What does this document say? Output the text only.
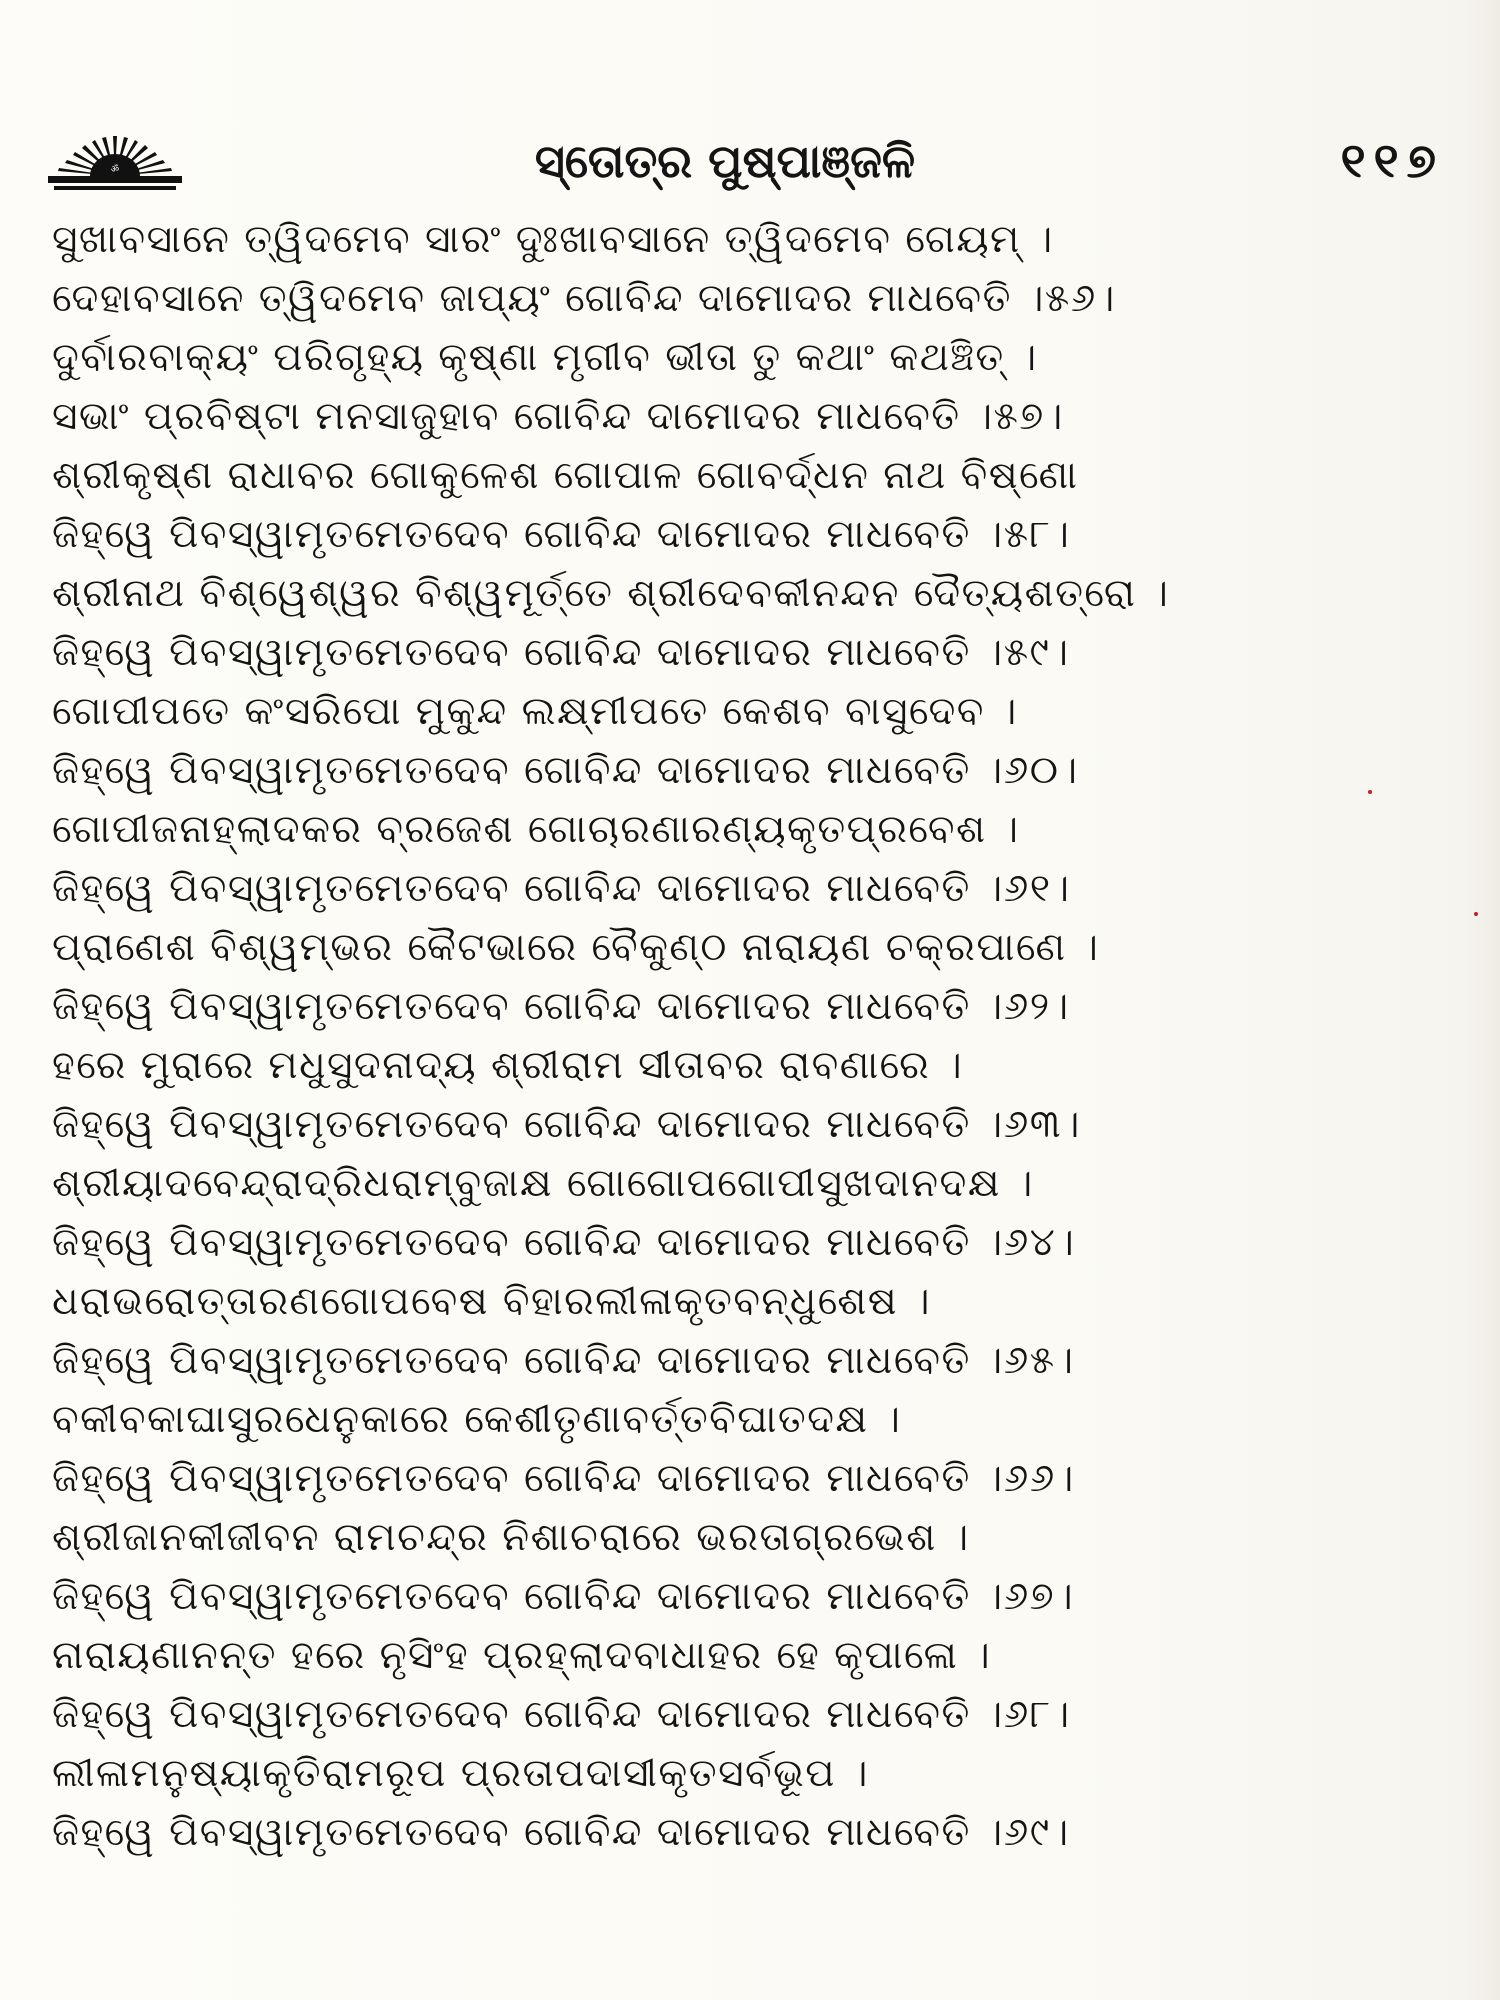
ॐ	ସ୍ତୋତ୍ର ପୁଷ୍ପାଞ୍ଜଳି	୧୧୭
ସୁଖାବସାନେ ତ୍ୱିଦମେବ ସାରଂ ଦୁଃଖାବସାନେ ତ୍ୱିଦମେବ ଗେୟମ୍ ।
ଦେହାବସାନେ ତ୍ୱିଦମେବ ଜାପ୍ୟଂ ଗୋବିନ୍ଦ ଦାମୋଦର ମାଧବେତି ।୫୬।
ଦୁର୍ବାରବାକ୍ୟଂ ପରିଗୃହ୍ୟ କୃଷ୍ଣା ମୃଗୀବ ଭୀତା ତୁ କଥାଂ କଥଞ୍ଚିତ୍ ।
ସଭାଂ ପ୍ରବିଷ୍ଟା ମନସାଜୁହାବ ଗୋବିନ୍ଦ ଦାମୋଦର ମାଧବେତି ।୫୭।
ଶ୍ରୀକୃଷ୍ଣ ରାଧାବର ଗୋକୁଳେଶ ଗୋପାଳ ଗୋବର୍ଦ୍ଧନ ନାଥ ବିଷ୍ଣୋ
ଜିହ୍ୱେ ପିବସ୍ୱାମୃତମେତଦେବ ଗୋବିନ୍ଦ ଦାମୋଦର ମାଧବେତି ।୫୮।
ଶ୍ରୀନାଥ ବିଶ୍ୱେଶ୍ୱର ବିଶ୍ୱମୂର୍ତ୍ତେ ଶ୍ରୀଦେବକୀନନ୍ଦନ ଦୈତ୍ୟଶତ୍ରୋ ।
ଜିହ୍ୱେ ପିବସ୍ୱାମୃତମେତଦେବ ଗୋବିନ୍ଦ ଦାମୋଦର ମାଧବେତି ।୫୯।
ଗୋପୀପତେ କଂସରିପୋ ମୁକୁନ୍ଦ ଲକ୍ଷ୍ମୀପତେ କେଶବ ବାସୁଦେବ ।
ଜିହ୍ୱେ ପିବସ୍ୱାମୃତମେତଦେବ ଗୋବିନ୍ଦ ଦାମୋଦର ମାଧବେତି ।୬୦।
ଗୋପୀଜନାହ୍ଲାଦକର ବ୍ରଜେଶ ଗୋଚାରଣାରଣ୍ୟକୃତପ୍ରବେଶ ।
ଜିହ୍ୱେ ପିବସ୍ୱାମୃତମେତଦେବ ଗୋବିନ୍ଦ ଦାମୋଦର ମାଧବେତି ।୬୧।
ପ୍ରାଣେଶ ବିଶ୍ୱମ୍ଭର କୈଟଭାରେ ବୈକୁଣ୍ଠ ନାରାୟଣ ଚକ୍ରପାଣେ ।
ଜିହ୍ୱେ ପିବସ୍ୱାମୃତମେତଦେବ ଗୋବିନ୍ଦ ଦାମୋଦର ମାଧବେତି ।୬୨।
ହରେ ମୁରାରେ ମଧୁସୁଦନାଦ୍ୟ ଶ୍ରୀରାମ ସୀତାବର ରାବଣାରେ ।
ଜିହ୍ୱେ ପିବସ୍ୱାମୃତମେତଦେବ ଗୋବିନ୍ଦ ଦାମୋଦର ମାଧବେତି ।୬୩।
ଶ୍ରୀୟାଦବେନ୍ଦ୍ରାଦ୍ରିଧରାମ୍ବୁଜାକ୍ଷ ଗୋଗୋପଗୋପୀସୁଖଦାନଦକ୍ଷ ।
ଜିହ୍ୱେ ପିବସ୍ୱାମୃତମେତଦେବ ଗୋବିନ୍ଦ ଦାମୋଦର ମାଧବେତି ।୬୪।
ଧରାଭରୋତ୍ତାରଣଗୋପବେଷ ବିହାରଲୀଳାକୃତବନ୍ଧୁଶେଷ ।
ଜିହ୍ୱେ ପିବସ୍ୱାମୃତମେତଦେବ ଗୋବିନ୍ଦ ଦାମୋଦର ମାଧବେତି ।୬୫।
ବକୀବକାଘାସୁରଧେନୁକାରେ କେଶୀତୃଣାବର୍ତ୍ତବିଘାତଦକ୍ଷ ।
ଜିହ୍ୱେ ପିବସ୍ୱାମୃତମେତଦେବ ଗୋବିନ୍ଦ ଦାମୋଦର ମାଧବେତି ।୬୬।
ଶ୍ରୀଜାନକୀଜୀବନ ରାମଚନ୍ଦ୍ର ନିଶାଚରାରେ ଭରତାଗ୍ରଭେଶ ।
ଜିହ୍ୱେ ପିବସ୍ୱାମୃତମେତଦେବ ଗୋବିନ୍ଦ ଦାମୋଦର ମାଧବେତି ।୬୭।
ନାରାୟଣାନନ୍ତ ହରେ ନୃସିଂହ ପ୍ରହ୍ଲାଦବାଧାହର ହେ କୃପାଳୋ ।
ଜିହ୍ୱେ ପିବସ୍ୱାମୃତମେତଦେବ ଗୋବିନ୍ଦ ଦାମୋଦର ମାଧବେତି ।୬୮।
ଲୀଳାମନୁଷ୍ୟାକୃତିରାମରୂପ ପ୍ରତାପଦାସୀକୃତସର୍ବଭୂପ ।
ଜିହ୍ୱେ ପିବସ୍ୱାମୃତମେତଦେବ ଗୋବିନ୍ଦ ଦାମୋଦର ମାଧବେତି ।୬୯।
